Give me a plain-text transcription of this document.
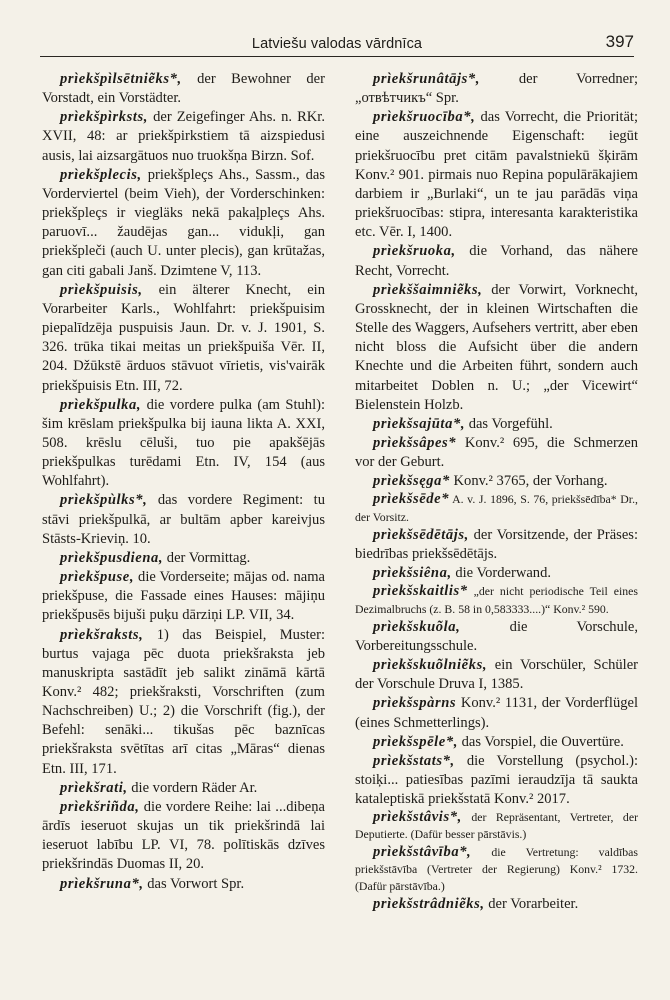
Latviešu valodas vārdnīca	397

prìekšpìlsētniẽks*, der Bewohner der Vorstadt, ein Vorstädter.

prìekšpìrksts, der Zeigefinger Ahs. n. RKr. XVII, 48: ar priekšpirkstiem tā aizspiedusi ausis, lai aizsargātuos nuo truokšņa Birzn. Sof.

prìekšplecis, priekšpleçs Ahs., Sassm., das Vorderviertel (beim Vieh), der Vorderschinken: priekšpleçs ir viegläks nekā pakaļpleçs Ahs. paruovī... žaudējas gan... vidukļi, gan priekšpleči (auch U. unter plecis), gan krūtažas, gan citi gabali Janš. Dzimtene V, 113.

prìekšpuisis, ein älterer Knecht, ein Vorarbeiter Karls., Wohlfahrt: priekšpuisim piepalīdzēja puspuisis Jaun. Dr. v. J. 1901, S. 326. trūka tikai meitas un priekšpuiša Vēr. II, 204. Džūkstē ārduos stāvuot vīrietis, vis'vairāk priekšpuisis Etn. III, 72.

prìekšpulka, die vordere pulka (am Stuhl): šim krēslam priekšpulka bij iauna likta A. XXI, 508. krēslu cēluši, tuo pie apakšējās priekšpulkas turēdami Etn. IV, 154 (aus Wohlfahrt).

prìekšpùlks*, das vordere Regiment: tu stāvi priekšpulkā, ar bultām apber kareivjus Stāsts-Krieviņ. 10.

prìekšpusdiena, der Vormittag.

prìekšpuse, die Vorderseite; mājas od. nama priekšpuse, die Fassade eines Hauses: mājiņu priekšpusēs bijuši puķu dārziņi LP. VII, 34.

prìekšraksts, 1) das Beispiel, Muster: burtus vajaga pēc duota priekšraksta jeb manuskripta sastādīt jeb salikt zināmā kārtā Konv.² 482; priekšraksti, Vorschriften (zum Nachschreiben) U.; 2) die Vorschrift (fig.), der Befehl: senāki... tikušas pēc baznīcas priekšraksta svētītas arī citas „Māras“ dienas Etn. III, 171.

prìekšrati, die vordern Räder Ar.

prìekšriñda, die vordere Reihe: lai ...dibeņa ārdīs ieseruot skujas un tik priekšrindā lai ieseruot labību LP. VI, 78. polītiskās dzīves priekšrindās Duomas II, 20.

prìekšruna*, das Vorwort Spr.

prìekšrunâtājs*, der Vorredner; „отвѣтчикъ“ Spr.

prìekšruocība*, das Vorrecht, die Priorität; eine auszeichnende Eigenschaft: iegūt priekšruocību pret citām pavalstniekū šķirām Konv.² 901. pirmais nuo Repina populārākajiem darbiem ir „Burlaki“, un te jau parādās viņa priekšruocības: stipra, interesanta karakteristika etc. Vēr. I, 1400.

prìekšruoka, die Vorhand, das nähere Recht, Vorrecht.

prìekššaimniẽks, der Vorwirt, Vorknecht, Grossknecht, der in kleinen Wirtschaften die Stelle des Waggers, Aufsehers vertritt, aber eben nicht bloss die Aufsicht über die andern Knechte und die Arbeiten führt, sondern auch mitarbeitet Doblen n. U.; „der Vicewirt“ Bielenstein Holzb.

prìekšsajūta*, das Vorgefühl.

prìekšsâpes* Konv.² 695, die Schmerzen vor der Geburt.

prìekšsęga* Konv.² 3765, der Vorhang.

prìekšsēde* A. v. J. 1896, S. 76, priekšsēdība* Dr., der Vorsitz.

prìekšsēdētājs, der Vorsitzende, der Präses: biedrības priekšsēdētājs.

prìekšsiêna, die Vorderwand.

prìekšskaitlis* „der nicht periodische Teil eines Dezimalbruchs (z. B. 58 in 0,583333....)“ Konv.² 590.

prìekšskuõla, die Vorschule, Vorbereitungsschule.

prìekšskuõlniẽks, ein Vorschüler, Schüler der Vorschule Druva I, 1385.

prìekšspàrns Konv.² 1131, der Vorderflügel (eines Schmetterlings).

prìekšspēle*, das Vorspiel, die Ouvertüre.

prìekšstats*, die Vorstellung (psychol.): stoiķi... patiesības pazīmi ieraudzīja tā saukta kataleptiskā priekšstatā Konv.² 2017.

prìekšstâvis*, der Repräsentant, Vertreter, der Deputierte. (Dafür besser pārstāvis.)

prìekšstâvība*, die Vertretung: valdības priekšstāvība (Vertreter der Regierung) Konv.² 1732. (Dafür pārstāvība.)

prìekšstrâdniẽks, der Vorarbeiter.
